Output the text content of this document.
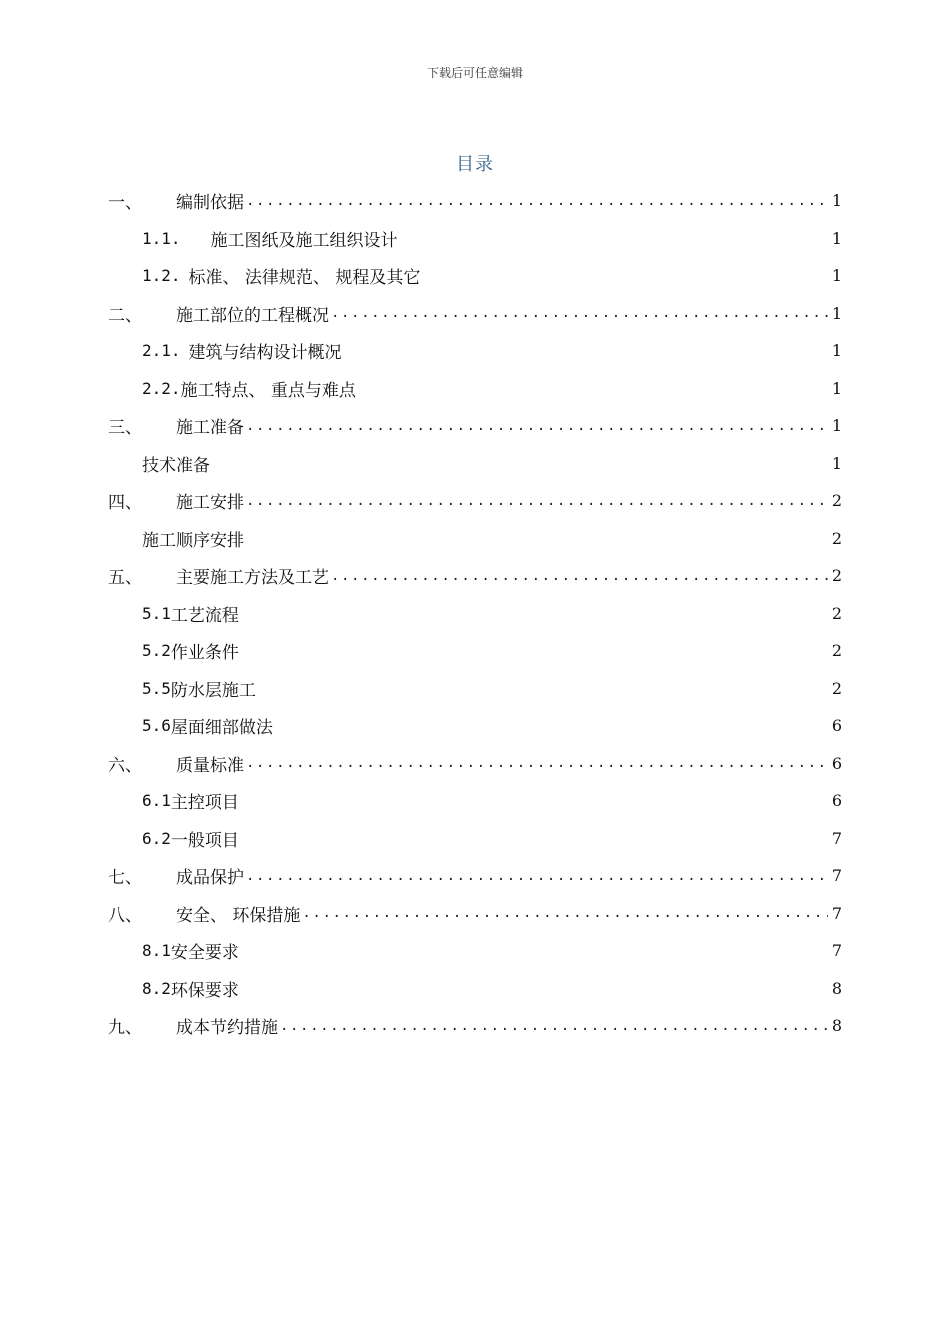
下载后可任意编辑
目录
一、	编制依据 .....	1
1.1. 施工图纸及施工组织设计	1
1.2. 标准、 法律规范、 规程及其它	1
二、	施工部位的工程概况 .....	1
2.1. 建筑与结构设计概况	1
2.2. 施工特点、 重点与难点	1
三、	施工准备 .....	1
技术准备	1
四、	施工安排 .....	2
施工顺序安排	2
五、	主要施工方法及工艺 .....	2
5.1 工艺流程	2
5.2 作业条件	2
5.5 防水层施工	2
5.6 屋面细部做法	6
六、	质量标准 .....	6
6.1 主控项目	6
6.2 一般项目	7
七、	成品保护 .....	7
八、	安全、 环保措施 .....	7
8.1 安全要求	7
8.2 环保要求	8
九、	成本节约措施 .....	8
